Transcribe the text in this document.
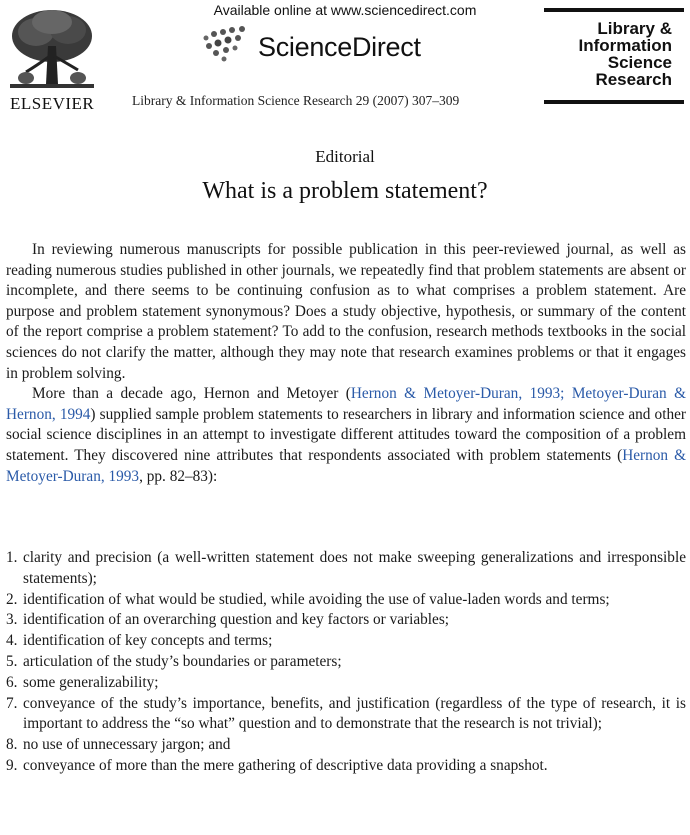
ELSEVIER
Available online at www.sciencedirect.com
ScienceDirect
Library & Information Science Research 29 (2007) 307–309
Library &
Information
Science
Research
Editorial
What is a problem statement?

In reviewing numerous manuscripts for possible publication in this peer-reviewed journal, as well as reading numerous studies published in other journals, we repeatedly find that problem statements are absent or incomplete, and there seems to be continuing confusion as to what comprises a problem statement. Are purpose and problem statement synonymous? Does a study objective, hypothesis, or summary of the content of the report comprise a problem statement? To add to the confusion, research methods textbooks in the social sciences do not clarify the matter, although they may note that research examines problems or that it engages in problem solving.

More than a decade ago, Hernon and Metoyer (Hernon & Metoyer-Duran, 1993; Metoyer-Duran & Hernon, 1994) supplied sample problem statements to researchers in library and information science and other social science disciplines in an attempt to investigate different attitudes toward the composition of a problem statement. They discovered nine attributes that respondents associated with problem statements (Hernon & Metoyer-Duran, 1993, pp. 82–83):

1. clarity and precision (a well-written statement does not make sweeping generalizations and irresponsible statements);
2. identification of what would be studied, while avoiding the use of value-laden words and terms;
3. identification of an overarching question and key factors or variables;
4. identification of key concepts and terms;
5. articulation of the study’s boundaries or parameters;
6. some generalizability;
7. conveyance of the study’s importance, benefits, and justification (regardless of the type of research, it is important to address the “so what” question and to demonstrate that the research is not trivial);
8. no use of unnecessary jargon; and
9. conveyance of more than the mere gathering of descriptive data providing a snapshot.
